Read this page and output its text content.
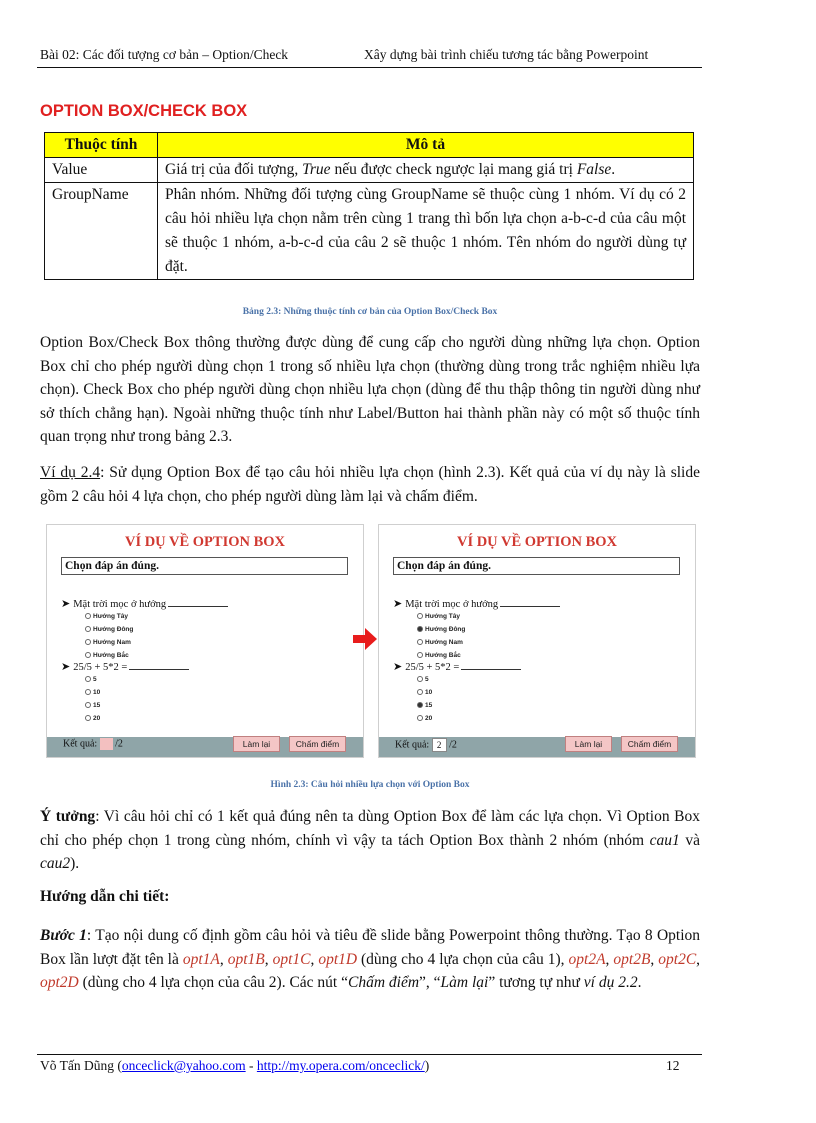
Bài 02: Các đối tượng cơ bản – Option/Check	Xây dựng bài trình chiếu tương tác bằng Powerpoint
OPTION BOX/CHECK BOX
Thuộc tính	Mô tả
Value	Giá trị của đối tượng, True nếu được check ngược lại mang giá trị False.
GroupName	Phân nhóm. Những đối tượng cùng GroupName sẽ thuộc cùng 1 nhóm. Ví dụ có 2 câu hỏi nhiều lựa chọn nằm trên cùng 1 trang thì bốn lựa chọn a-b-c-d của câu một sẽ thuộc 1 nhóm, a-b-c-d của câu 2 sẽ thuộc 1 nhóm. Tên nhóm do người dùng tự đặt.
Bảng 2.3: Những thuộc tính cơ bản của Option Box/Check Box
Option Box/Check Box thông thường được dùng để cung cấp cho người dùng những lựa chọn. Option Box chỉ cho phép người dùng chọn 1 trong số nhiều lựa chọn (thường dùng trong trắc nghiệm nhiều lựa chọn). Check Box cho phép người dùng chọn nhiều lựa chọn (dùng để thu thập thông tin người dùng như sở thích chẳng hạn). Ngoài những thuộc tính như Label/Button hai thành phần này có một số thuộc tính quan trọng như trong bảng 2.3.
Ví dụ 2.4: Sử dụng Option Box để tạo câu hỏi nhiều lựa chọn (hình 2.3). Kết quả của ví dụ này là slide gồm 2 câu hỏi 4 lựa chọn, cho phép người dùng làm lại và chấm điểm.
VÍ DỤ VỀ OPTION BOX
Chọn đáp án đúng.
➤ Mặt trời mọc ở hướng
Hướng Tây
Hướng Đông
Hướng Nam
Hướng Bắc
➤ 25/5 + 5*2 =
5
10
15
20
Kết quả: /2	Làm lại	Chấm điểm
VÍ DỤ VỀ OPTION BOX
Chọn đáp án đúng.
➤ Mặt trời mọc ở hướng
Hướng Tây
Hướng Đông
Hướng Nam
Hướng Bắc
➤ 25/5 + 5*2 =
5
10
15
20
Kết quả: 2 /2	Làm lại	Chấm điểm
Hình 2.3: Câu hỏi nhiều lựa chọn với Option Box
Ý tưởng: Vì câu hỏi chỉ có 1 kết quả đúng nên ta dùng Option Box để làm các lựa chọn. Vì Option Box chỉ cho phép chọn 1 trong cùng nhóm, chính vì vậy ta tách Option Box thành 2 nhóm (nhóm cau1 và cau2).
Hướng dẫn chi tiết:
Bước 1: Tạo nội dung cố định gồm câu hỏi và tiêu đề slide bằng Powerpoint thông thường. Tạo 8 Option Box lần lượt đặt tên là opt1A, opt1B, opt1C, opt1D (dùng cho 4 lựa chọn của câu 1), opt2A, opt2B, opt2C, opt2D (dùng cho 4 lựa chọn của câu 2). Các nút “Chấm điểm”, “Làm lại” tương tự như ví dụ 2.2.
Võ Tấn Dũng (onceclick@yahoo.com - http://my.opera.com/onceclick/)	12
